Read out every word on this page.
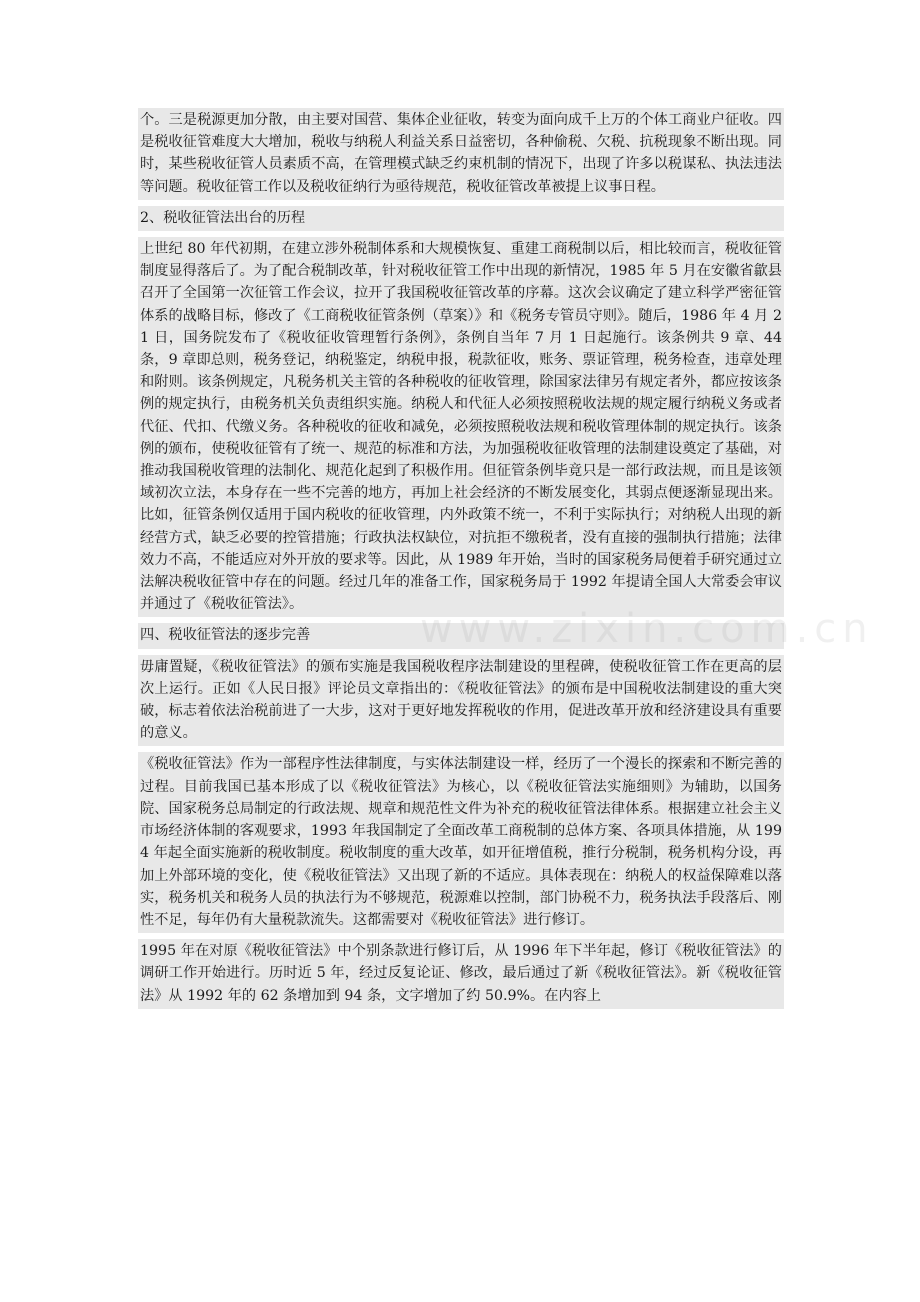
个。三是税源更加分散，由主要对国营、集体企业征收，转变为面向成千上万的个体工商业户征收。四是税收征管难度大大增加，税收与纳税人利益关系日益密切，各种偷税、欠税、抗税现象不断出现。同时，某些税收征管人员素质不高，在管理模式缺乏约束机制的情况下，出现了许多以税谋私、执法违法等问题。税收征管工作以及税收征纳行为亟待规范，税收征管改革被提上议事日程。
2、税收征管法出台的历程
上世纪 80 年代初期，在建立涉外税制体系和大规模恢复、重建工商税制以后，相比较而言，税收征管制度显得落后了。为了配合税制改革，针对税收征管工作中出现的新情况，1985 年 5 月在安徽省歙县召开了全国第一次征管工作会议，拉开了我国税收征管改革的序幕。这次会议确定了建立科学严密征管体系的战略目标，修改了《工商税收征管条例（草案）》和《税务专管员守则》。随后，1986 年 4 月 21 日，国务院发布了《税收征收管理暂行条例》，条例自当年 7 月 1 日起施行。该条例共 9 章、44 条，9 章即总则，税务登记，纳税鉴定，纳税申报，税款征收，账务、票证管理，税务检查，违章处理和附则。该条例规定，凡税务机关主管的各种税收的征收管理，除国家法律另有规定者外，都应按该条例的规定执行，由税务机关负责组织实施。纳税人和代征人必须按照税收法规的规定履行纳税义务或者代征、代扣、代缴义务。各种税收的征收和减免，必须按照税收法规和税收管理体制的规定执行。该条例的颁布，使税收征管有了统一、规范的标准和方法，为加强税收征收管理的法制建设奠定了基础，对推动我国税收管理的法制化、规范化起到了积极作用。但征管条例毕竟只是一部行政法规，而且是该领域初次立法，本身存在一些不完善的地方，再加上社会经济的不断发展变化，其弱点便逐渐显现出来。比如，征管条例仅适用于国内税收的征收管理，内外政策不统一，不利于实际执行；对纳税人出现的新经营方式，缺乏必要的控管措施；行政执法权缺位，对抗拒不缴税者，没有直接的强制执行措施；法律效力不高，不能适应对外开放的要求等。因此，从 1989 年开始，当时的国家税务局便着手研究通过立法解决税收征管中存在的问题。经过几年的准备工作，国家税务局于 1992 年提请全国人大常委会审议并通过了《税收征管法》。
四、税收征管法的逐步完善
毋庸置疑，《税收征管法》的颁布实施是我国税收程序法制建设的里程碑，使税收征管工作在更高的层次上运行。正如《人民日报》评论员文章指出的：《税收征管法》的颁布是中国税收法制建设的重大突破，标志着依法治税前进了一大步，这对于更好地发挥税收的作用，促进改革开放和经济建设具有重要的意义。
《税收征管法》作为一部程序性法律制度，与实体法制建设一样，经历了一个漫长的探索和不断完善的过程。目前我国已基本形成了以《税收征管法》为核心，以《税收征管法实施细则》为辅助，以国务院、国家税务总局制定的行政法规、规章和规范性文件为补充的税收征管法律体系。根据建立社会主义市场经济体制的客观要求，1993 年我国制定了全面改革工商税制的总体方案、各项具体措施，从 1994 年起全面实施新的税收制度。税收制度的重大改革，如开征增值税，推行分税制，税务机构分设，再加上外部环境的变化，使《税收征管法》又出现了新的不适应。具体表现在：纳税人的权益保障难以落实，税务机关和税务人员的执法行为不够规范，税源难以控制，部门协税不力，税务执法手段落后、刚性不足，每年仍有大量税款流失。这都需要对《税收征管法》进行修订。
1995 年在对原《税收征管法》中个别条款进行修订后，从 1996 年下半年起，修订《税收征管法》的调研工作开始进行。历时近 5 年，经过反复论证、修改，最后通过了新《税收征管法》。新《税收征管法》从 1992 年的 62 条增加到 94 条，文字增加了约 50.9%。在内容上
